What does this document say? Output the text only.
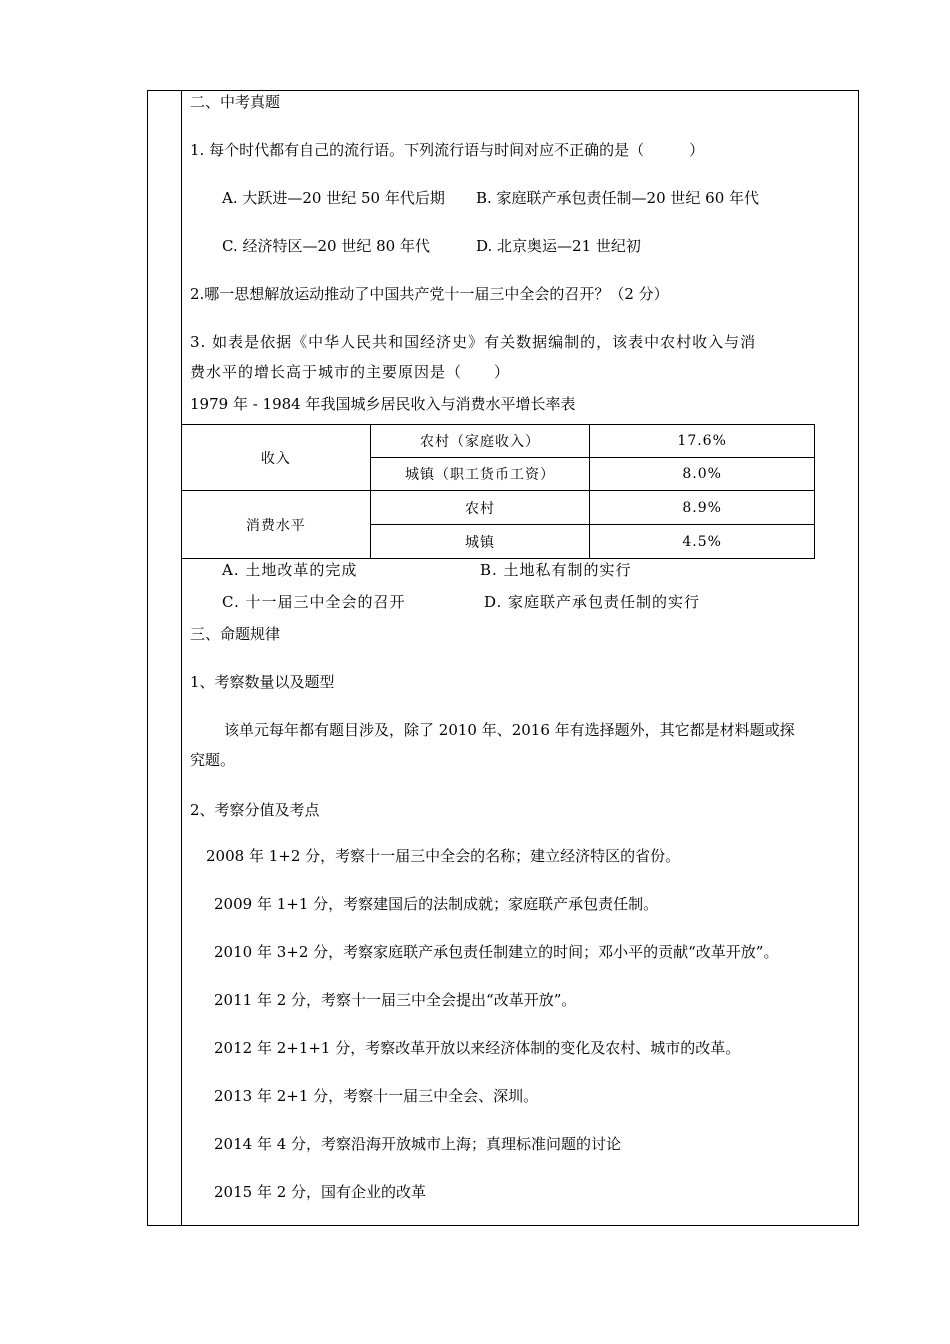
二、中考真题
1. 每个时代都有自己的流行语。下列流行语与时间对应不正确的是（　　　）
A. 大跃进—20 世纪 50 年代后期 B. 家庭联产承包责任制—20 世纪 60 年代
C. 经济特区—20 世纪 80 年代	D. 北京奥运—21 世纪初
2.哪一思想解放运动推动了中国共产党十一届三中全会的召开？（2 分）
3. 如表是依据《中华人民共和国经济史》有关数据编制的，该表中农村收入与消
费水平的增长高于城市的主要原因是（　　）
1979 年 - 1984 年我国城乡居民收入与消费水平增长率表
收入	农村（家庭收入）	17.6%
	城镇（职工货币工资）	8.0%
消费水平	农村	8.9%
	城镇	4.5%
A. 土地改革的完成	B. 土地私有制的实行
C. 十一届三中全会的召开	D. 家庭联产承包责任制的实行
三、命题规律
1、考察数量以及题型
该单元每年都有题目涉及，除了 2010 年、2016 年有选择题外，其它都是材料题或探
究题。
2、考察分值及考点
2008 年 1+2 分，考察十一届三中全会的名称；建立经济特区的省份。
2009 年 1+1 分，考察建国后的法制成就；家庭联产承包责任制。
2010 年 3+2 分，考察家庭联产承包责任制建立的时间；邓小平的贡献“改革开放”。
2011 年 2 分，考察十一届三中全会提出“改革开放”。
2012 年 2+1+1 分，考察改革开放以来经济体制的变化及农村、城市的改革。
2013 年 2+1 分，考察十一届三中全会、深圳。
2014 年 4 分，考察沿海开放城市上海；真理标准问题的讨论
2015 年 2 分，国有企业的改革
